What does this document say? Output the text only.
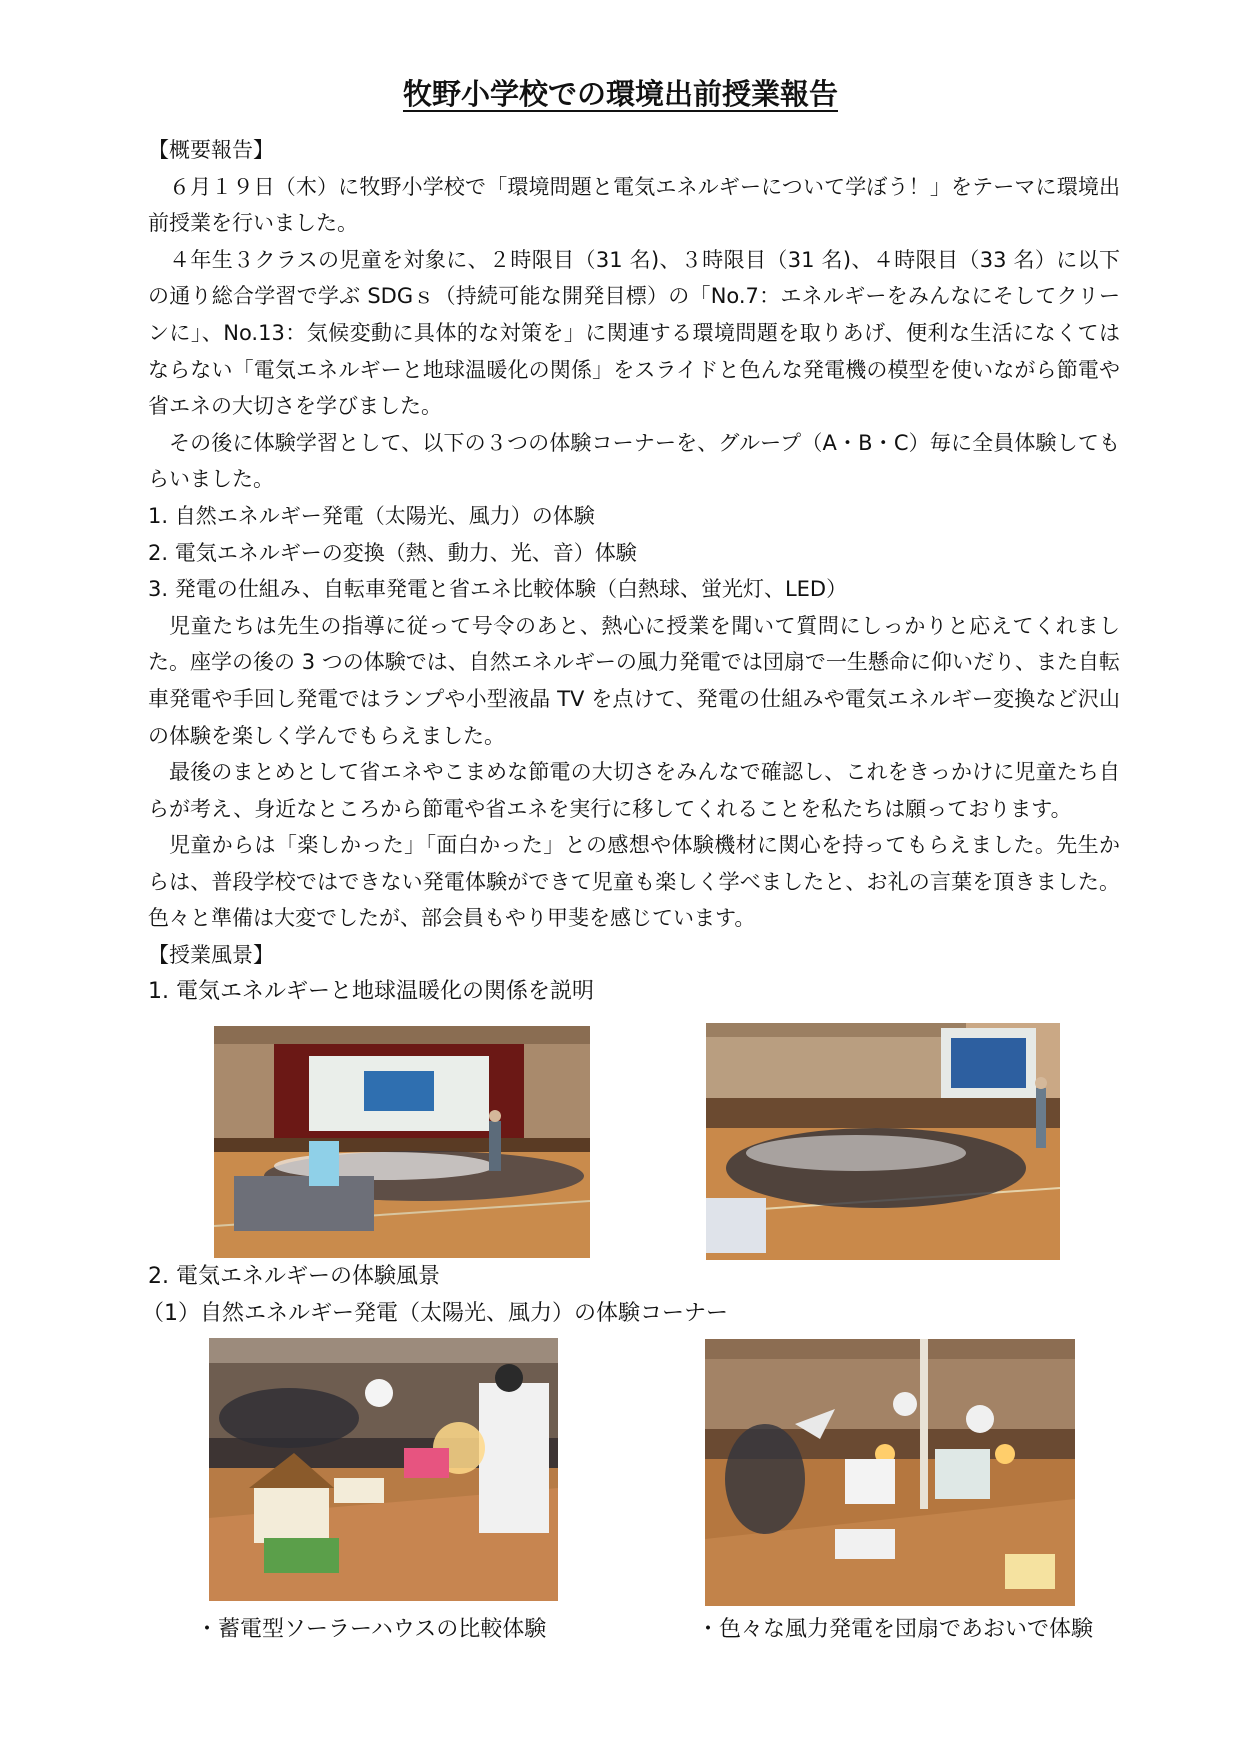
牧野小学校での環境出前授業報告

【概要報告】

６月１９日（木）に牧野小学校で「環境問題と電気エネルギーについて学ぼう！」をテーマに環境出前授業を行いました。

４年生３クラスの児童を対象に、２時限目（31 名)、３時限目（31 名)、４時限目（33 名）に以下の通り総合学習で学ぶ SDGｓ（持続可能な開発目標）の「No.7：エネルギーをみんなにそしてクリーンに」、No.13：気候変動に具体的な対策を」に関連する環境問題を取りあげ、便利な生活になくてはならない「電気エネルギーと地球温暖化の関係」をスライドと色んな発電機の模型を使いながら節電や省エネの大切さを学びました。

その後に体験学習として、以下の３つの体験コーナーを、グループ（A・B・C）毎に全員体験してもらいました。

1. 自然エネルギー発電（太陽光、風力）の体験

2. 電気エネルギーの変換（熱、動力、光、音）体験

3. 発電の仕組み、自転車発電と省エネ比較体験（白熱球、蛍光灯、LED）

児童たちは先生の指導に従って号令のあと、熱心に授業を聞いて質問にしっかりと応えてくれました。座学の後の 3 つの体験では、自然エネルギーの風力発電では団扇で一生懸命に仰いだり、また自転車発電や手回し発電ではランプや小型液晶 TV を点けて、発電の仕組みや電気エネルギー変換など沢山の体験を楽しく学んでもらえました。

最後のまとめとして省エネやこまめな節電の大切さをみんなで確認し、これをきっかけに児童たち自らが考え、身近なところから節電や省エネを実行に移してくれることを私たちは願っております。

児童からは「楽しかった」「面白かった」との感想や体験機材に関心を持ってもらえました。先生からは、普段学校ではできない発電体験ができて児童も楽しく学べましたと、お礼の言葉を頂きました。色々と準備は大変でしたが、部会員もやり甲斐を感じています。

【授業風景】

1. 電気エネルギーと地球温暖化の関係を説明

2. 電気エネルギーの体験風景
（1）自然エネルギー発電（太陽光、風力）の体験コーナー
・蓄電型ソーラーハウスの比較体験	・色々な風力発電を団扇であおいで体験
